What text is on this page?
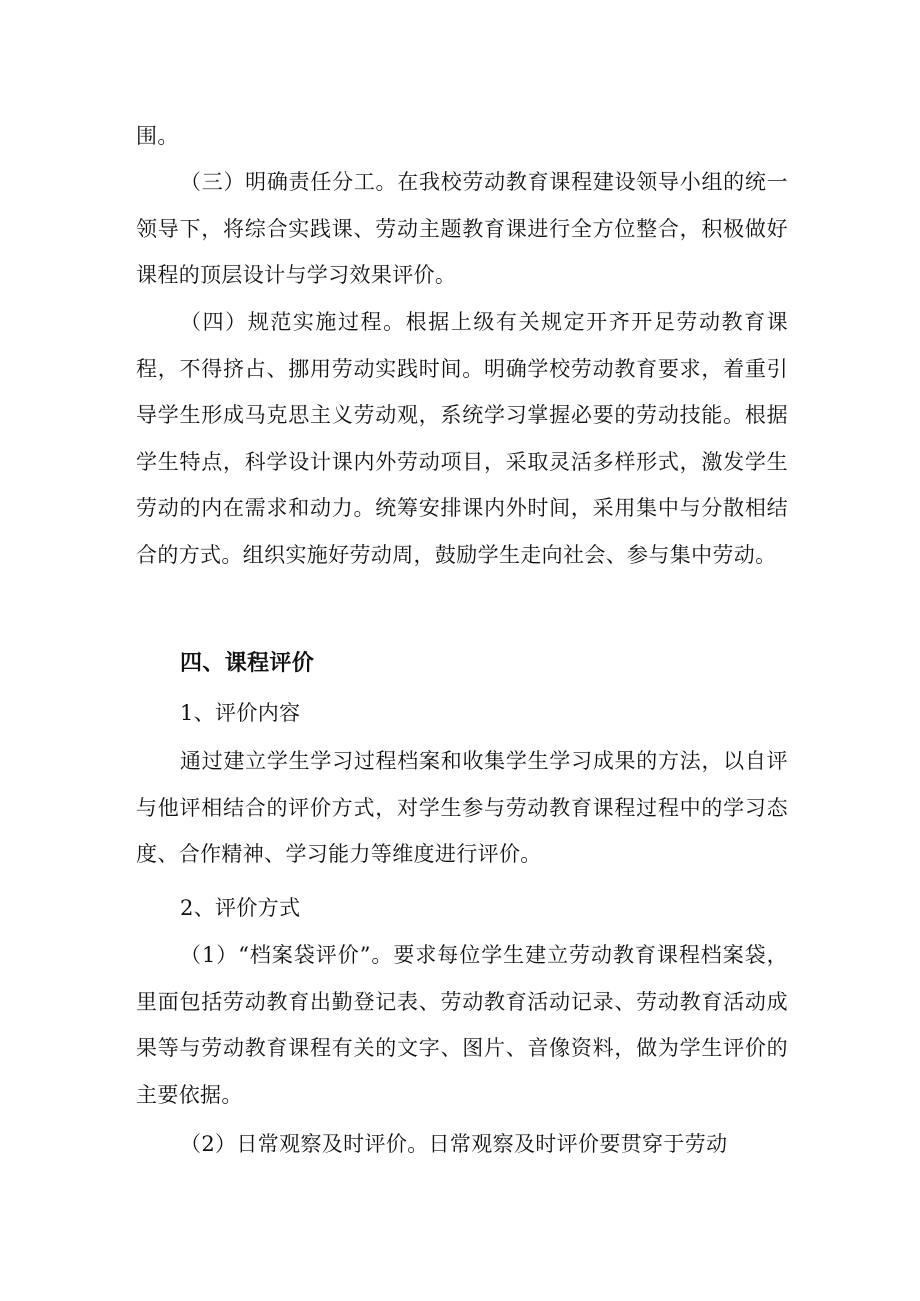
围。

（三）明确责任分工。在我校劳动教育课程建设领导小组的统一领导下，将综合实践课、劳动主题教育课进行全方位整合，积极做好课程的顶层设计与学习效果评价。

（四）规范实施过程。根据上级有关规定开齐开足劳动教育课程，不得挤占、挪用劳动实践时间。明确学校劳动教育要求，着重引导学生形成马克思主义劳动观，系统学习掌握必要的劳动技能。根据学生特点，科学设计课内外劳动项目，采取灵活多样形式，激发学生劳动的内在需求和动力。统筹安排课内外时间，采用集中与分散相结合的方式。组织实施好劳动周，鼓励学生走向社会、参与集中劳动。

四、课程评价

1、评价内容

通过建立学生学习过程档案和收集学生学习成果的方法，以自评与他评相结合的评价方式，对学生参与劳动教育课程过程中的学习态度、合作精神、学习能力等维度进行评价。

2、评价方式

（1）“档案袋评价”。要求每位学生建立劳动教育课程档案袋，里面包括劳动教育出勤登记表、劳动教育活动记录、劳动教育活动成果等与劳动教育课程有关的文字、图片、音像资料，做为学生评价的主要依据。

（2）日常观察及时评价。日常观察及时评价要贯穿于劳动
